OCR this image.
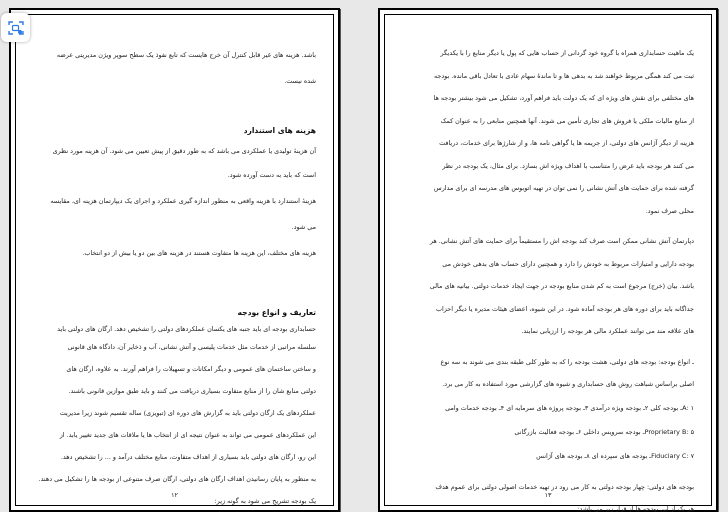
باشد. هزینه های غیر قابل کنترل آن خرج هایست که تابع نفوذ یک سطح سوپر ویژن مدیریتی عرضه

شده نیست.

هزینه های استندارد

آن هزینهٔ تولیدی یا عملکردی می باشد که به طور دقیق از پیش تعیین می شود. آن هزینه مورد نظری

است که باید به دست آورده شود.

هزینهٔ استندارد با هزینه واقعی به منظور اندازه گیری عملکرد و اجرای یک دیپارتمان هزینه ای، مقایسه

می شود.

هزینه های مختلف، این هزینه ها متفاوت هستند در هزینه های بین دو یا بیش از دو انتخاب.

تعاریف و انواع بودجه

حسابداری بودجه ای باید جنبه های یکسان عملکردهای دولتی را تشخیص دهد. ارگان های دولتی باید

سلسله مراتبی از خدمات مثل خدمات پلیسی و آتش نشانی، آب و ذخایر آن، دادگاه های قانونی

و ساختن ساختمان های عمومی و دیگر امکانات و تسهیلات را فراهم آورند. به علاوه، ارگان های

دولتی منابع شان را از منابع متفاوت بسیاری دریافت می کنند و باید طبق موازین قانونی باشند.

عملکردهای یک ارگان دولتی باید به گزارش های دوره ای (تبویزی) ساله تقسیم شوند زیرا مدیریت

این عملکردهای عمومی می تواند به عنوان نتیجه ای از انتخاب ها یا ملاقات های جدید تغییر یابد. از

این رو، ارگان های دولتی باید بسیاری از اهداف متفاوت، منابع مختلف درآمد و ... را تشخیص دهد.

به منظور به پایان رسانیدن اهداف ارگان های دولتی، ارگان صرف متنوعی از بودجه ها را تشکیل می دهند.

یک بودجه تشریح می شود به گونه زیر:

۱۲

یک ماهیت حسابداری همراه با گروه خود گردانی از حساب هایی که پول یا دیگر منابع را با یکدیگر

ثبت می کند همگی مربوط خواهند شد به بدهی ها و تا ماندهٔ سهام عادی با تعادل باقی مانده. بودجه

های مختلفی برای نقش های ویژه ای که یک دولت باید فراهم آورد، تشکیل می شود بیشتر بودجه ها

از منابع مالیات ملکی یا فروش های تجاری تأمین می شوند. آنها همچنین منابعی را به عنوان کمک

هزینه از دیگر آژانس های دولتی، از جریمه ها یا گواهی نامه ها، و از شارژها برای خدمات، دریافت

می کنند هر بودجه باید غرض را متناسب با اهداف ویژه اش بسازد. برای مثال، یک بودجه در نظر

گرفته شده برای حمایت های آتش نشانی را نمی توان در تهیه اتوبوس های مدرسه ای برای مدارس

محلی صرف نمود.

دپارتمان آتش نشانی ممکن است صرف کند بودجه اش را مستقیماً برای حمایت های آتش نشانی. هر

بودجه دارایی و امتیازات مربوط به خودش را دارد و همچنین دارای حساب های بدهی خودش می

باشد. بیان (خرج) مرجوع است به کم شدن منابع بودجه در جهت ایجاد خدمات دولتی. بیانیه های مالی

جداگانه باید برای دوره های هر بودجه آماده شود. در این شیوه، اعضای هیئات مدیره یا دیگر احزاب

های علاقه مند می توانند عملکرد مالی هر بودجه را ارزیابی نمایند.

ـ انواع بودجه: بودجه های دولتی، هشت بودجه را که به طور کلی طبقه بندی می شوند به سه نوع

اصلی براساس شباهت روش های حسابداری و شیوه های گزارشی مورد استفاده به کار می برد.

A: ۱ـ بودجه کلی ۲ـ بودجه ویژه درآمدی ۳ـ بودجه پروژه های سرمایه ای ۴ـ بودجه خدمات وامی

Proprietary B: ۵ـ بودجه سرویس داخلی ۶ـ بودجه فعالیت بازرگانی

Fiduciary C: ۷ـ بودجه های سپرده ای ۸ـ بودجه های آژانس

بودجه های دولتی: چهار بودجه دولتی به کار می رود در تهیه خدمات اصولی دولتی برای عموم هدف

هر یک از این بودجه ها از قرار زیر می باشد:

۱۳
